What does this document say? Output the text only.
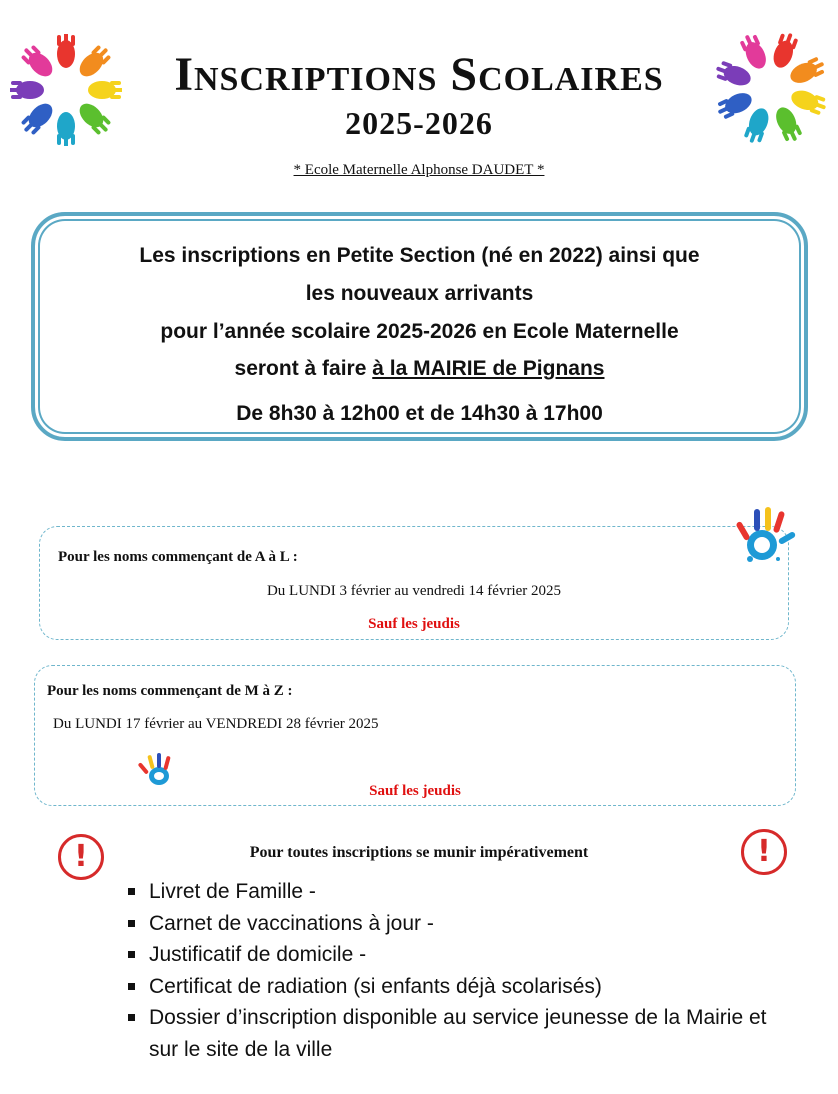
Inscriptions Scolaires
2025-2026
* Ecole Maternelle Alphonse DAUDET *
Les inscriptions en Petite Section (né en 2022) ainsi que
les nouveaux arrivants
pour l’année scolaire 2025-2026 en Ecole Maternelle
seront à faire à la MAIRIE de Pignans
De 8h30 à 12h00 et de 14h30 à 17h00
Pour les noms commençant de A à L :
Du LUNDI 3 février au vendredi 14 février 2025
Sauf les jeudis
Pour les noms commençant de M à Z :
Du LUNDI 17 février au VENDREDI 28 février 2025
Sauf les jeudis
!	!
Pour toutes inscriptions se munir impérativement
Livret de Famille -
Carnet de vaccinations à jour -
Justificatif de domicile -
Certificat de radiation (si enfants déjà scolarisés)
Dossier d’inscription disponible au service jeunesse de la Mairie et sur le site de la ville
